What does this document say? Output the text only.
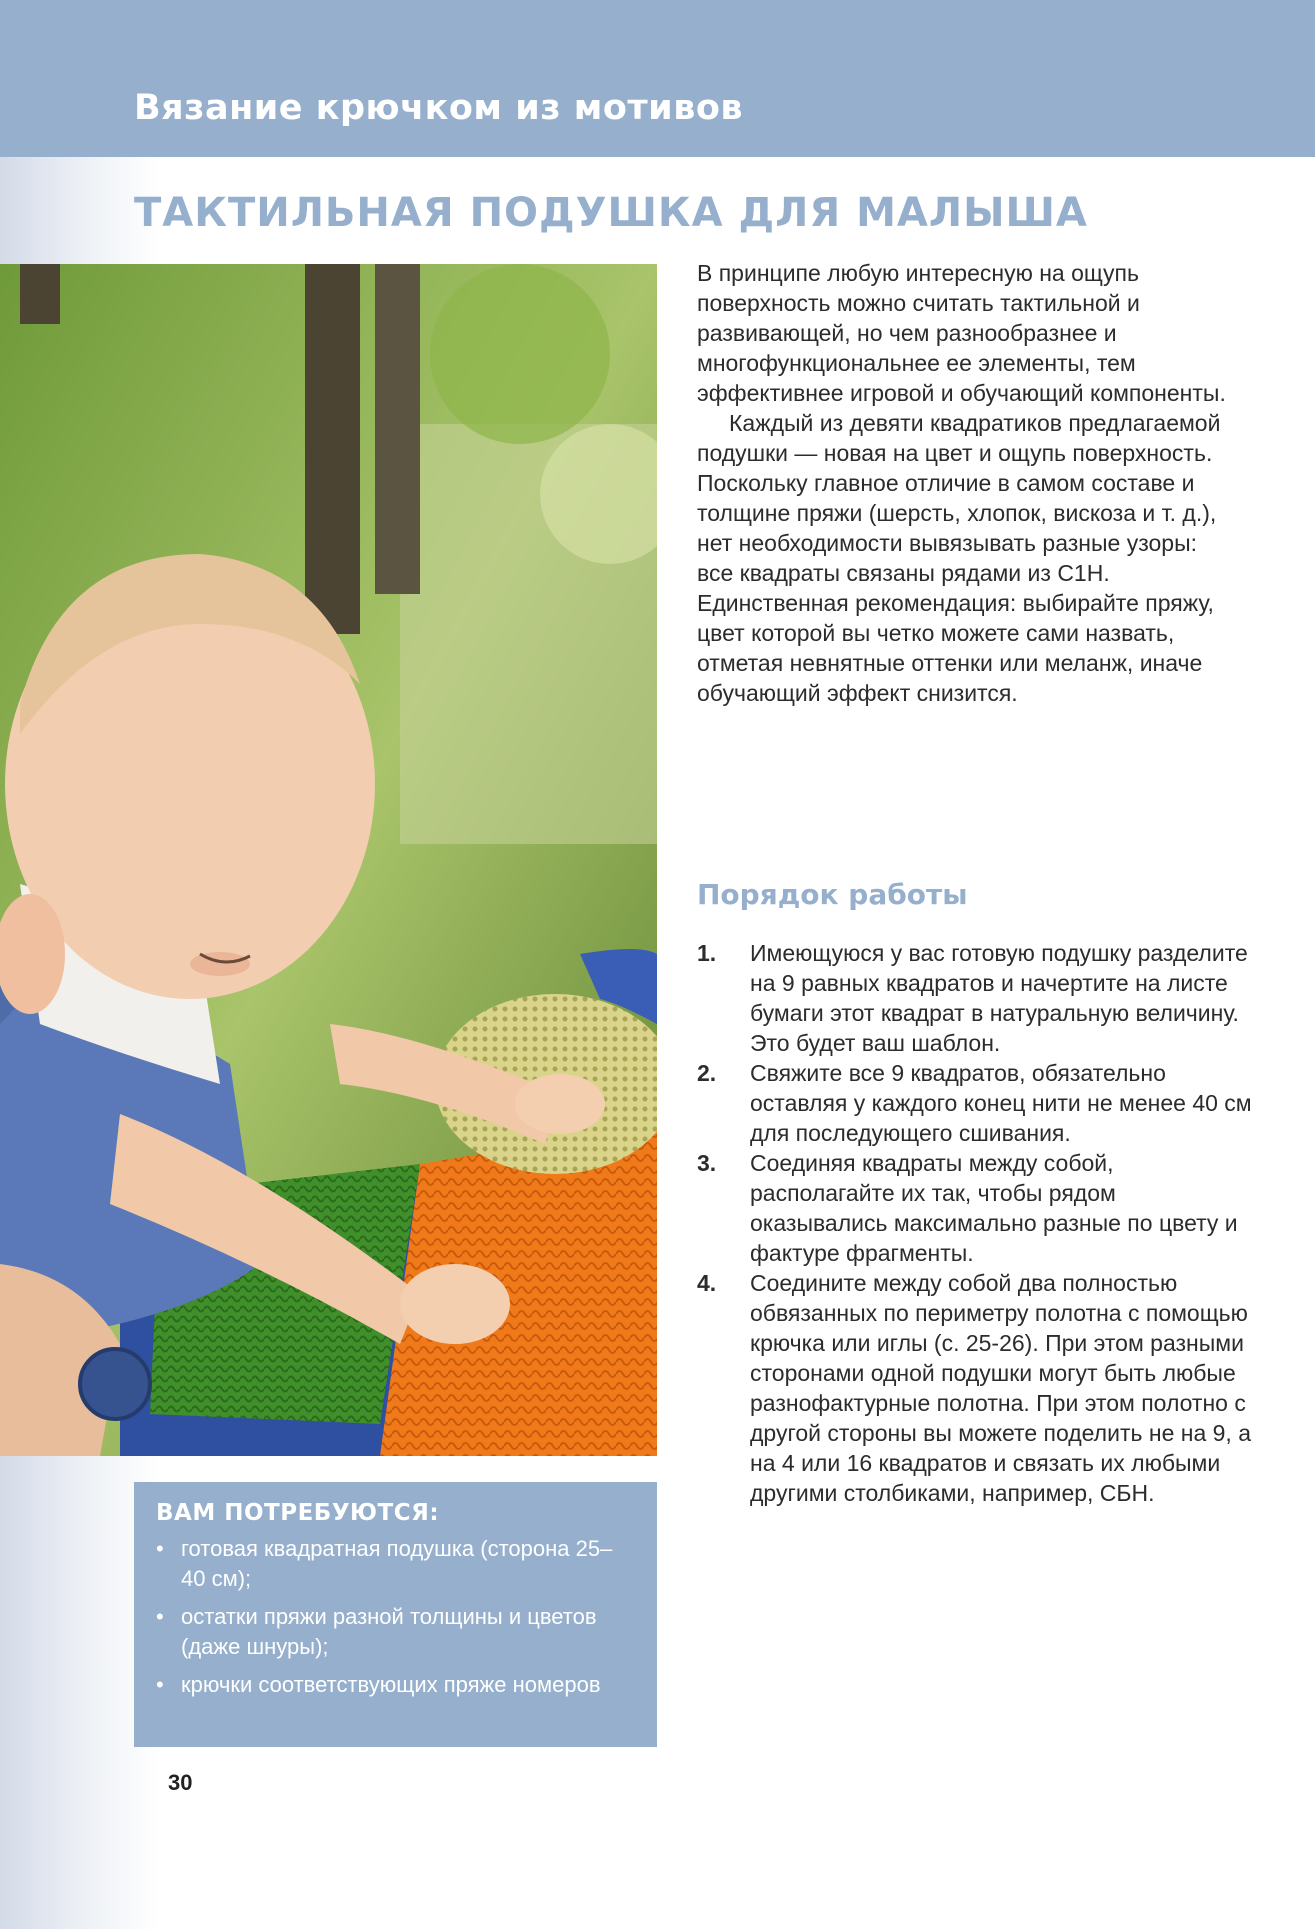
Вязание крючком из мотивов
ТАКТИЛЬНАЯ ПОДУШКА ДЛЯ МАЛЫША

В принципе любую интересную на ощупь поверхность можно считать тактильной и развивающей, но чем разнообразнее и многофункциональнее ее элементы, тем эффективнее игровой и обучающий компоненты.

Каждый из девяти квадратиков предлагаемой подушки — новая на цвет и ощупь поверхность. Поскольку главное отличие в самом составе и толщине пряжи (шерсть, хлопок, вискоза и т. д.), нет необходимости вывязывать разные узоры: все квадраты связаны рядами из С1Н. Единственная рекомендация: выбирайте пряжу, цвет которой вы четко можете сами назвать, отметая невнятные оттенки или меланж, иначе обучающий эффект снизится.

Порядок работы
1. Имеющуюся у вас готовую подушку разделите на 9 равных квадратов и начертите на листе бумаги этот квадрат в натуральную величину. Это будет ваш шаблон.
2. Свяжите все 9 квадратов, обязательно оставляя у каждого конец нити не менее 40 см для последующего сшивания.
3. Соединяя квадраты между собой, располагайте их так, чтобы рядом оказывались максимально разные по цвету и фактуре фрагменты.
4. Соедините между собой два полностью обвязанных по периметру полотна с помощью крючка или иглы (с. 25-26). При этом разными сторонами одной подушки могут быть любые разнофактурные полотна. При этом полотно с другой стороны вы можете поделить не на 9, а на 4 или 16 квадратов и связать их любыми другими столбиками, например, СБН.
ВАМ ПОТРЕБУЮТСЯ:
• готовая квадратная подушка (сторона 25–40 см);
• остатки пряжи разной толщины и цветов (даже шнуры);
• крючки соответствующих пряже номеров
30
